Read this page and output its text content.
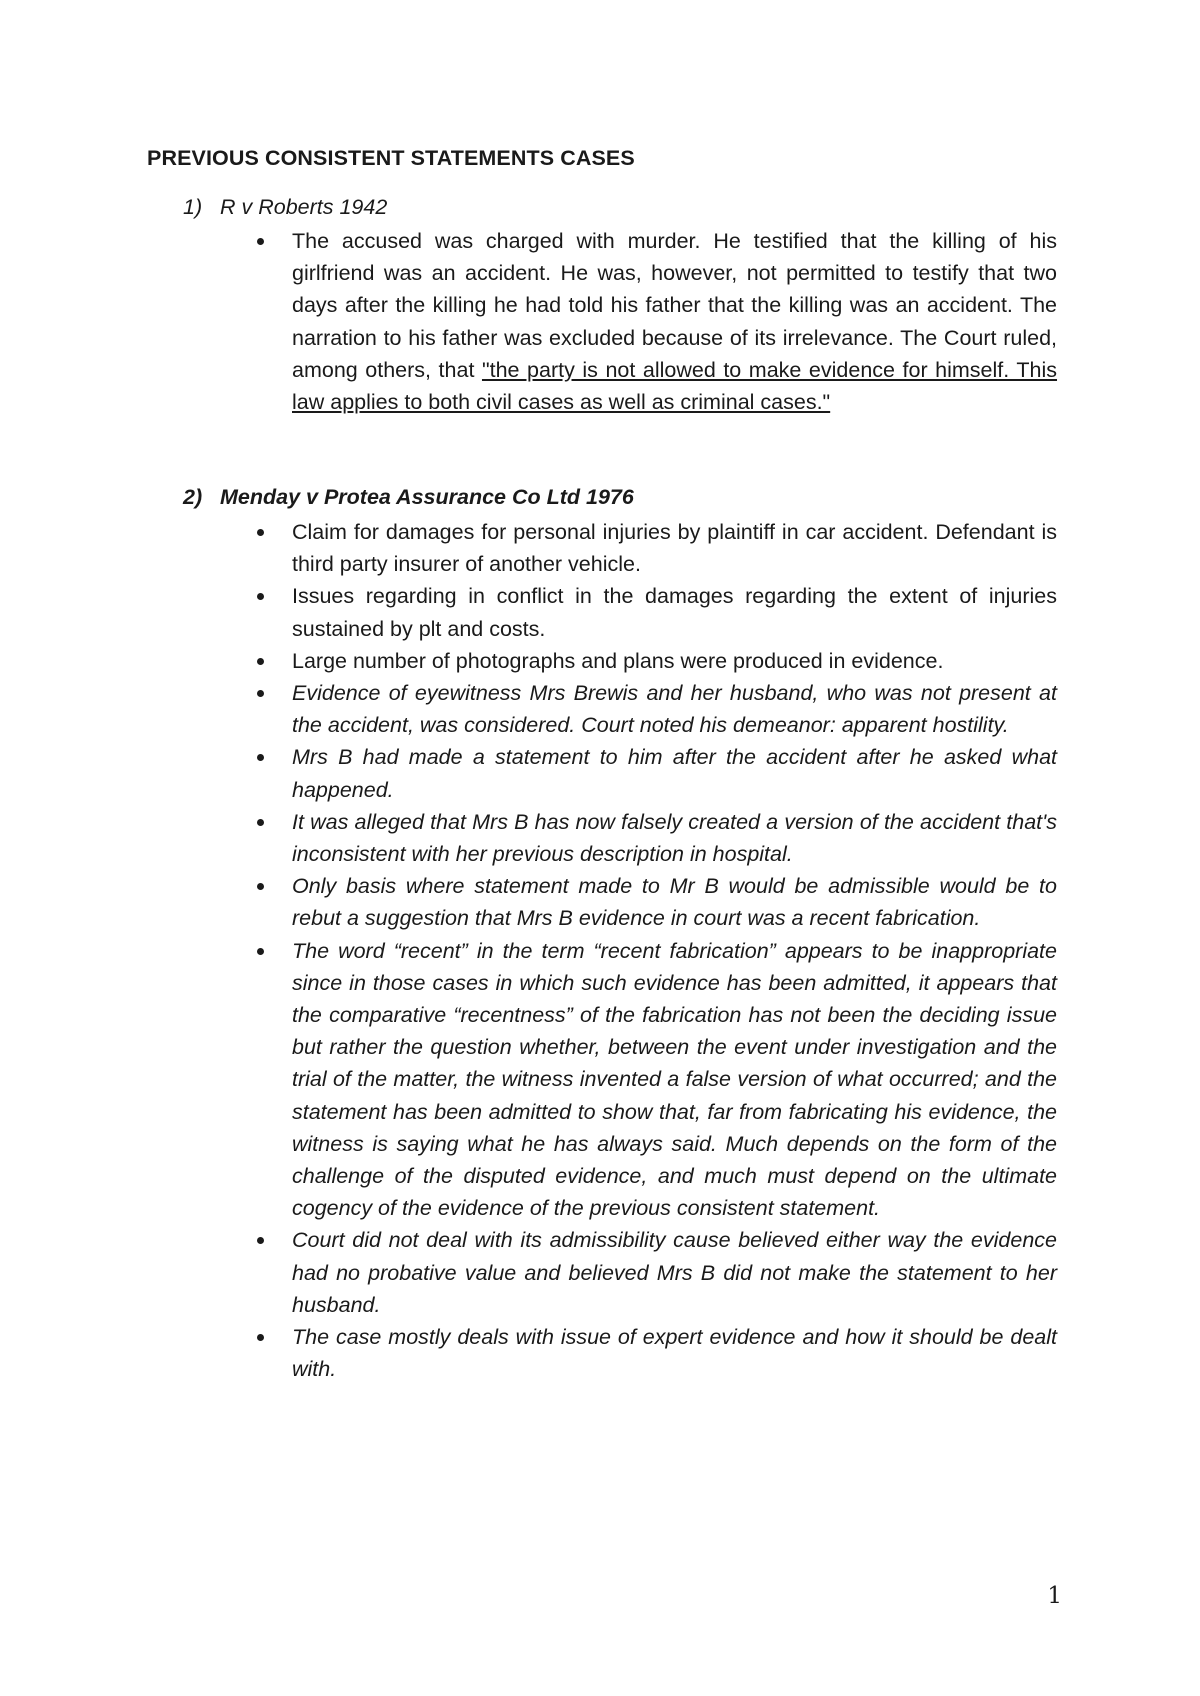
PREVIOUS CONSISTENT STATEMENTS CASES

1) R v Roberts 1942

The accused was charged with murder. He testified that the killing of his girlfriend was an accident. He was, however, not permitted to testify that two days after the killing he had told his father that the killing was an accident. The narration to his father was excluded because of its irrelevance. The Court ruled, among others, that "the party is not allowed to make evidence for himself. This law applies to both civil cases as well as criminal cases."

2) Menday v Protea Assurance Co Ltd 1976

Claim for damages for personal injuries by plaintiff in car accident. Defendant is third party insurer of another vehicle.
Issues regarding in conflict in the damages regarding the extent of injuries sustained by plt and costs.
Large number of photographs and plans were produced in evidence.
Evidence of eyewitness Mrs Brewis and her husband, who was not present at the accident, was considered. Court noted his demeanor: apparent hostility.
Mrs B had made a statement to him after the accident after he asked what happened.
It was alleged that Mrs B has now falsely created a version of the accident that's inconsistent with her previous description in hospital.
Only basis where statement made to Mr B would be admissible would be to rebut a suggestion that Mrs B evidence in court was a recent fabrication.
The word “recent” in the term “recent fabrication” appears to be inappropriate since in those cases in which such evidence has been admitted, it appears that the comparative “recentness” of the fabrication has not been the deciding issue but rather the question whether, between the event under investigation and the trial of the matter, the witness invented a false version of what occurred; and the statement has been admitted to show that, far from fabricating his evidence, the witness is saying what he has always said. Much depends on the form of the challenge of the disputed evidence, and much must depend on the ultimate cogency of the evidence of the previous consistent statement.
Court did not deal with its admissibility cause believed either way the evidence had no probative value and believed Mrs B did not make the statement to her husband.
The case mostly deals with issue of expert evidence and how it should be dealt with.
1
